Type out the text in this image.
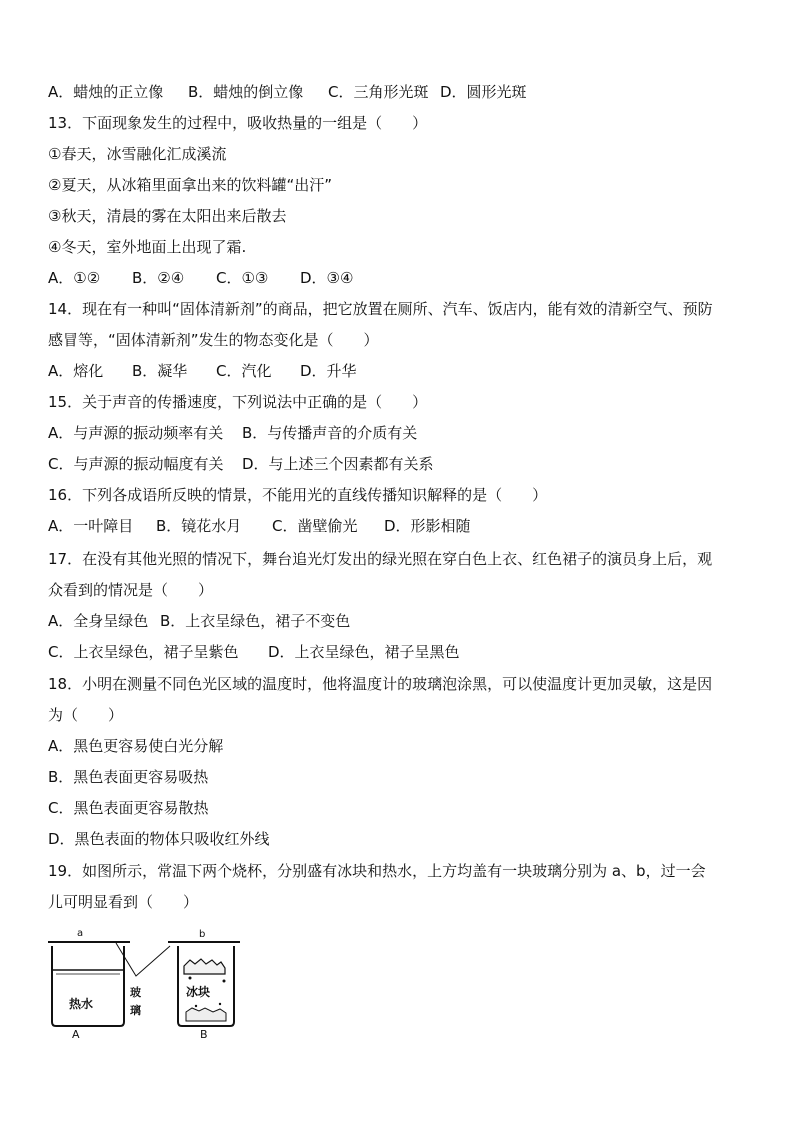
A．蜡烛的正立像 B．蜡烛的倒立像 C．三角形光斑 D．圆形光斑
13．下面现象发生的过程中，吸收热量的一组是（　　）
①春天，冰雪融化汇成溪流
②夏天，从冰箱里面拿出来的饮料罐“出汗”
③秋天，清晨的雾在太阳出来后散去
④冬天，室外地面上出现了霜.
A．①② B．②④ C．①③ D．③④
14．现在有一种叫“固体清新剂”的商品，把它放置在厕所、汽车、饭店内，能有效的清新空气、预防
感冒等，“固体清新剂”发生的物态变化是（　　）
A．熔化 B．凝华 C．汽化 D．升华
15．关于声音的传播速度，下列说法中正确的是（　　）
A．与声源的振动频率有关 B．与传播声音的介质有关
C．与声源的振动幅度有关 D．与上述三个因素都有关系
16．下列各成语所反映的情景，不能用光的直线传播知识解释的是（　　）
A．一叶障目 B．镜花水月 C．凿壁偷光 D．形影相随
17．在没有其他光照的情况下，舞台追光灯发出的绿光照在穿白色上衣、红色裙子的演员身上后，观
众看到的情况是（　　）
A．全身呈绿色 B．上衣呈绿色，裙子不变色
C．上衣呈绿色，裙子呈紫色 D．上衣呈绿色，裙子呈黑色
18．小明在测量不同色光区域的温度时，他将温度计的玻璃泡涂黑，可以使温度计更加灵敏，这是因
为（　　）
A．黑色更容易使白光分解
B．黑色表面更容易吸热
C．黑色表面更容易散热
D．黑色表面的物体只吸收红外线
19．如图所示，常温下两个烧杯，分别盛有冰块和热水，上方均盖有一块玻璃分别为 a、b，过一会
儿可明显看到（　　）
a	b
热水
玻
璃
冰块
A	B
